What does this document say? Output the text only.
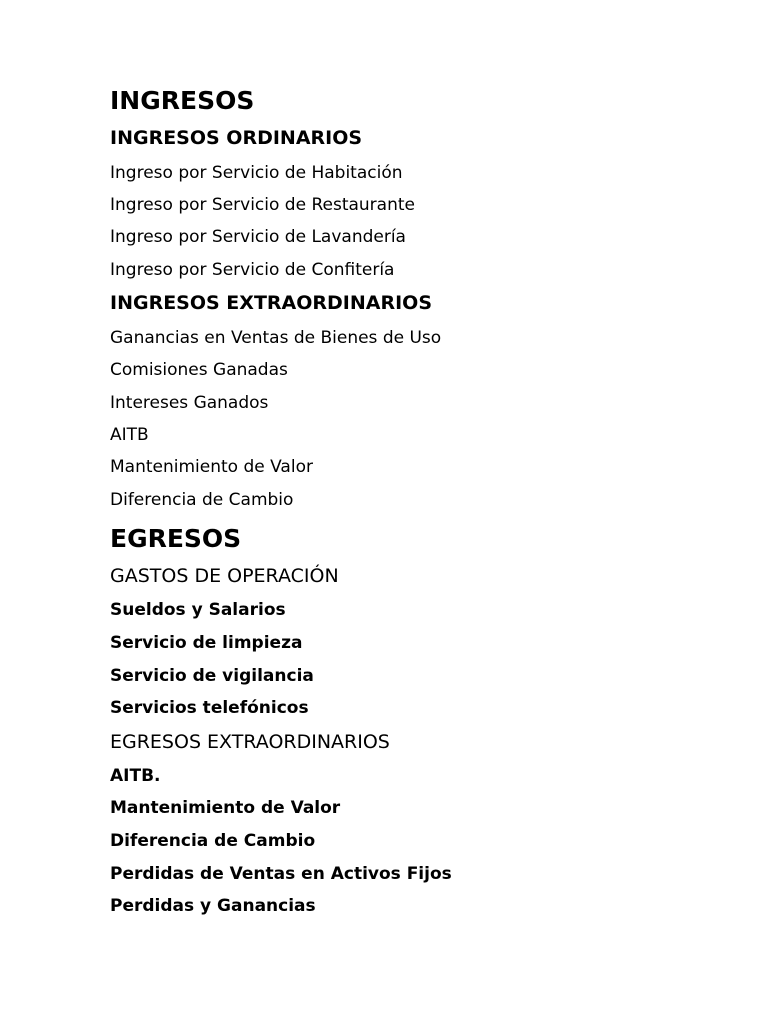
INGRESOS
INGRESOS ORDINARIOS

Ingreso por Servicio de Habitación

Ingreso por Servicio de Restaurante

Ingreso por Servicio de Lavandería

Ingreso por Servicio de Confitería

INGRESOS EXTRAORDINARIOS

Ganancias en Ventas de Bienes de Uso

Comisiones Ganadas

Intereses Ganados

AITB

Mantenimiento de Valor

Diferencia de Cambio

EGRESOS
GASTOS DE OPERACIÓN

Sueldos y Salarios

Servicio de limpieza

Servicio de vigilancia

Servicios telefónicos

EGRESOS EXTRAORDINARIOS

AITB.

Mantenimiento de Valor

Diferencia de Cambio

Perdidas de Ventas en Activos Fijos

Perdidas y Ganancias
